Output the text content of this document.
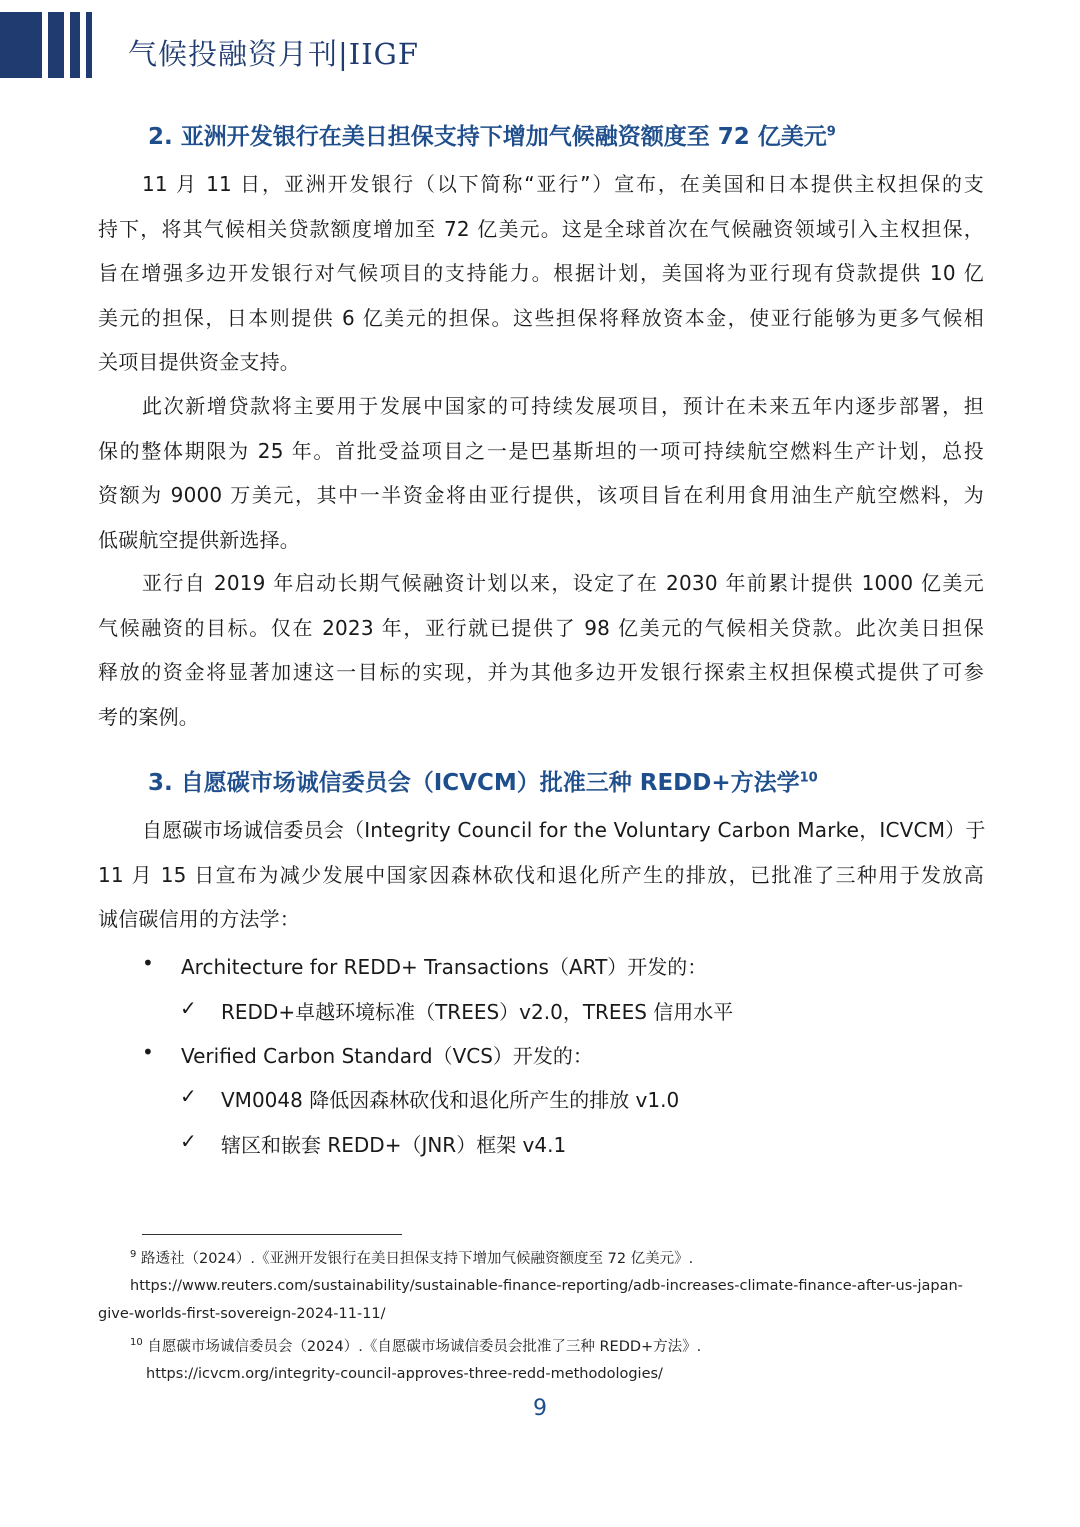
气候投融资月刊|IIGF
2. 亚洲开发银行在美日担保支持下增加气候融资额度至 72 亿美元$^9$
11 月 11 日，亚洲开发银行（以下简称“亚行”）宣布，在美国和日本提供主权担保的支
持下，将其气候相关贷款额度增加至 72 亿美元。这是全球首次在气候融资领域引入主权担保，
旨在增强多边开发银行对气候项目的支持能力。根据计划，美国将为亚行现有贷款提供 10 亿
美元的担保，日本则提供 6 亿美元的担保。这些担保将释放资本金，使亚行能够为更多气候相
关项目提供资金支持。
此次新增贷款将主要用于发展中国家的可持续发展项目，预计在未来五年内逐步部署，担
保的整体期限为 25 年。首批受益项目之一是巴基斯坦的一项可持续航空燃料生产计划，总投
资额为 9000 万美元，其中一半资金将由亚行提供，该项目旨在利用食用油生产航空燃料，为
低碳航空提供新选择。
亚行自 2019 年启动长期气候融资计划以来，设定了在 2030 年前累计提供 1000 亿美元
气候融资的目标。仅在 2023 年，亚行就已提供了 98 亿美元的气候相关贷款。此次美日担保
释放的资金将显著加速这一目标的实现，并为其他多边开发银行探索主权担保模式提供了可参
考的案例。
3. 自愿碳市场诚信委员会（ICVCM）批准三种 REDD+方法学$^{10}$
自愿碳市场诚信委员会（Integrity Council for the Voluntary Carbon Marke，ICVCM）于
11 月 15 日宣布为减少发展中国家因森林砍伐和退化所产生的排放，已批准了三种用于发放高
诚信碳信用的方法学：
• Architecture for REDD+ Transactions（ART）开发的：
✓ REDD+卓越环境标准（TREES）v2.0，TREES 信用水平
• Verified Carbon Standard（VCS）开发的：
✓ VM0048 降低因森林砍伐和退化所产生的排放 v1.0
✓ 辖区和嵌套 REDD+（JNR）框架 v4.1
$^9$ 路透社（2024）.《亚洲开发银行在美日担保支持下增加气候融资额度至 72 亿美元》.
https://www.reuters.com/sustainability/sustainable-finance-reporting/adb-increases-climate-finance-after-us-japan-
give-worlds-first-sovereign-2024-11-11/
$^{10}$ 自愿碳市场诚信委员会（2024）.《自愿碳市场诚信委员会批准了三种 REDD+方法》.
https://icvcm.org/integrity-council-approves-three-redd-methodologies/
9
